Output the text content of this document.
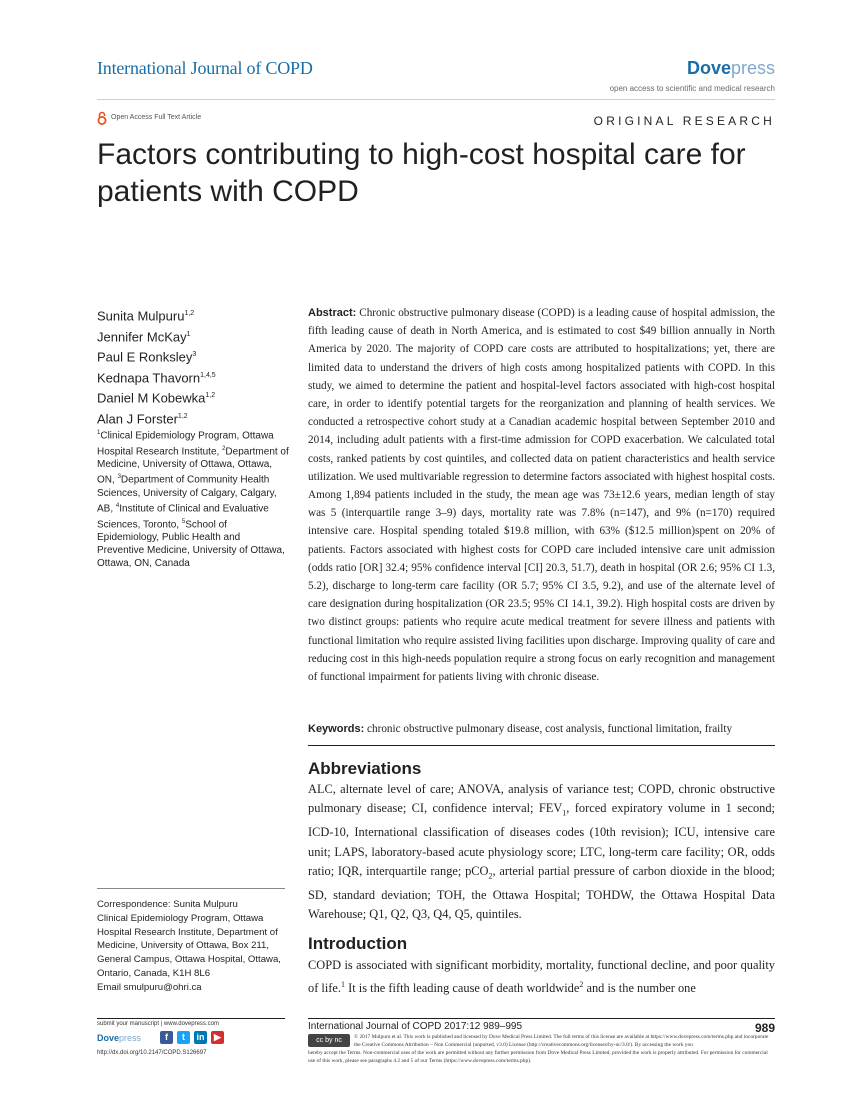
International Journal of COPD	Dovepress
open access to scientific and medical research
Open Access Full Text Article	ORIGINAL RESEARCH
Factors contributing to high-cost hospital care for patients with COPD
Sunita Mulpuru$^{1,2}$
Jennifer McKay$^1$
Paul E Ronksley$^3$
Kednapa Thavorn$^{1,4,5}$
Daniel M Kobewka$^{1,2}$
Alan J Forster$^{1,2}$
$^1$Clinical Epidemiology Program, Ottawa Hospital Research Institute, $^2$Department of Medicine, University of Ottawa, Ottawa, ON, $^3$Department of Community Health Sciences, University of Calgary, Calgary, AB, $^4$Institute of Clinical and Evaluative Sciences, Toronto, $^5$School of Epidemiology, Public Health and Preventive Medicine, University of Ottawa, Ottawa, ON, Canada
Correspondence: Sunita Mulpuru
Clinical Epidemiology Program, Ottawa Hospital Research Institute, Department of Medicine, University of Ottawa, Box 211, General Campus, Ottawa Hospital, Ottawa, Ontario, Canada, K1H 8L6
Email smulpuru@ohri.ca
Abstract: Chronic obstructive pulmonary disease (COPD) is a leading cause of hospital admission, the fifth leading cause of death in North America, and is estimated to cost $49 billion annually in North America by 2020. The majority of COPD care costs are attributed to hospitalizations; yet, there are limited data to understand the drivers of high costs among hospitalized patients with COPD. In this study, we aimed to determine the patient and hospital-level factors associated with high-cost hospital care, in order to identify potential targets for the reorganization and planning of health services. We conducted a retrospective cohort study at a Canadian academic hospital between September 2010 and 2014, including adult patients with a first-time admission for COPD exacerbation. We calculated total costs, ranked patients by cost quintiles, and collected data on patient characteristics and health service utilization. We used multivariable regression to determine factors associated with highest hospital costs. Among 1,894 patients included in the study, the mean age was 73±12.6 years, median length of stay was 5 (interquartile range 3–9) days, mortality rate was 7.8% (n=147), and 9% (n=170) required intensive care. Hospital spending totaled $19.8 million, with 63% ($12.5 million)spent on 20% of patients. Factors associated with highest costs for COPD care included intensive care unit admission (odds ratio [OR] 32.4; 95% confidence interval [CI] 20.3, 51.7), death in hospital (OR 2.6; 95% CI 1.3, 5.2), discharge to long-term care facility (OR 5.7; 95% CI 3.5, 9.2), and use of the alternate level of care designation during hospitalization (OR 23.5; 95% CI 14.1, 39.2). High hospital costs are driven by two distinct groups: patients who require acute medical treatment for severe illness and patients with functional limitation who require assisted living facilities upon discharge. Improving quality of care and reducing cost in this high-needs population require a strong focus on early recognition and management of functional impairment for patients living with chronic disease.
Keywords: chronic obstructive pulmonary disease, cost analysis, functional limitation, frailty
Abbreviations
ALC, alternate level of care; ANOVA, analysis of variance test; COPD, chronic obstructive pulmonary disease; CI, confidence interval; $FEV_1$, forced expiratory volume in 1 second; ICD-10, International classification of diseases codes (10th revision); ICU, intensive care unit; LAPS, laboratory-based acute physiology score; LTC, long-term care facility; OR, odds ratio; IQR, interquartile range; pCO$_2$, arterial partial pressure of carbon dioxide in the blood; SD, standard deviation; TOH, the Ottawa Hospital; TOHDW, the Ottawa Hospital Data Warehouse; Q1, Q2, Q3, Q4, Q5, quintiles.
Introduction
COPD is associated with significant morbidity, mortality, functional decline, and poor quality of life.$^1$ It is the fifth leading cause of death worldwide$^2$ and is the number one
submit your manuscript | www.dovepress.com
Dovepress	f	t	in	▶
http://dx.doi.org/10.2147/COPD.S126697
International Journal of COPD 2017:12 989–995	989
cc by nc	© 2017 Mulpuru et al. This work is published and licensed by Dove Medical Press Limited. The full terms of this license are available at https://www.dovepress.com/terms.php and incorporate the Creative Commons Attribution – Non Commercial (unported, v3.0) License (http://creativecommons.org/licenses/by-nc/3.0/). By accessing the work you
hereby accept the Terms. Non-commercial uses of the work are permitted without any further permission from Dove Medical Press Limited, provided the work is properly attributed. For permission for commercial use of this work, please see paragraphs 4.2 and 5 of our Terms (https://www.dovepress.com/terms.php).
